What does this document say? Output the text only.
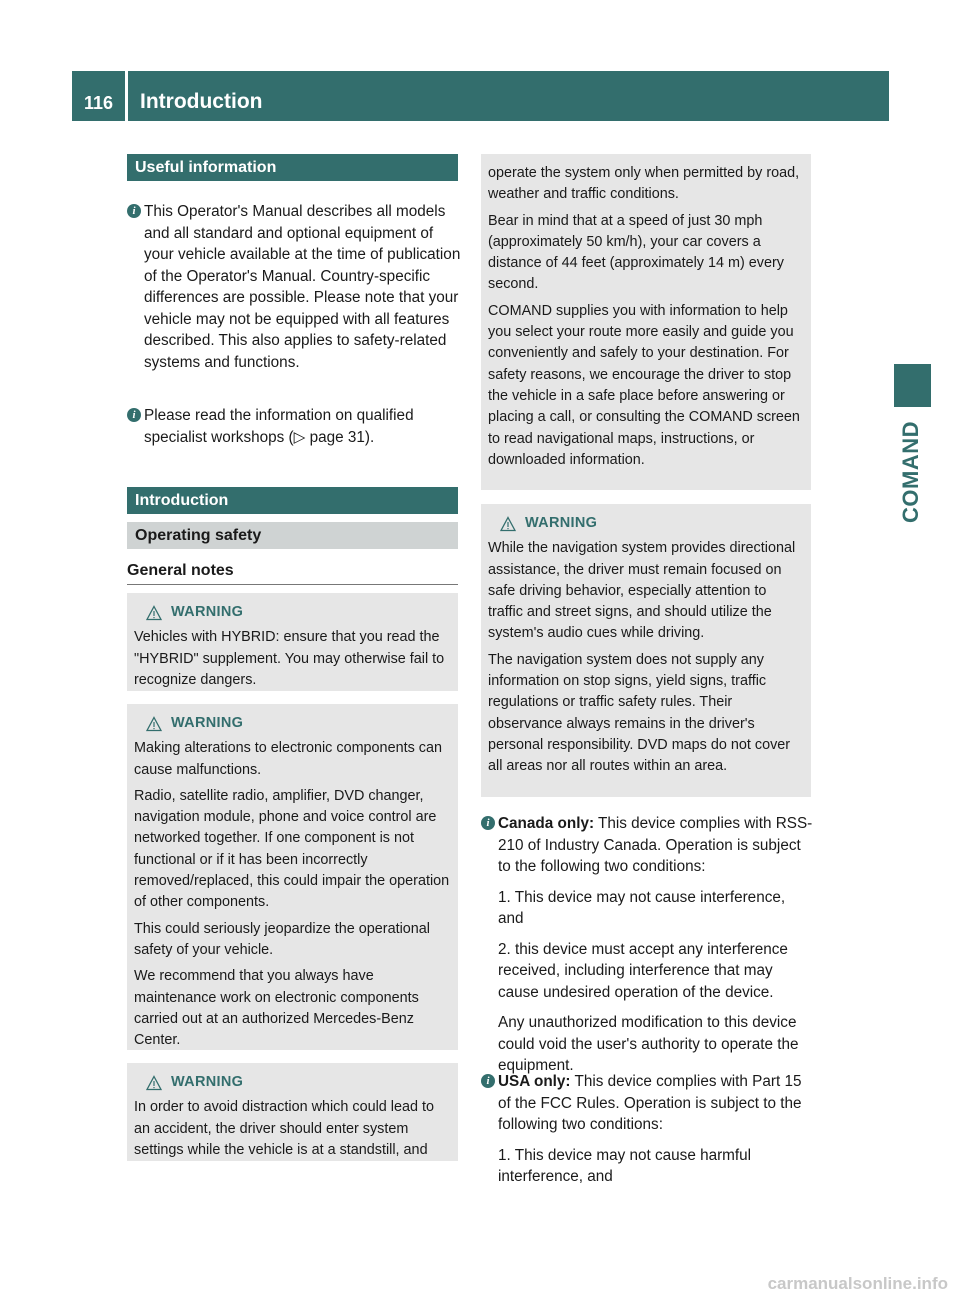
116 Introduction
COMAND
Useful information
i This Operator's Manual describes all models and all standard and optional equipment of your vehicle available at the time of publication of the Operator's Manual. Country-specific differences are possible. Please note that your vehicle may not be equipped with all features described. This also applies to safety-related systems and functions.

i Please read the information on qualified specialist workshops (▷ page 31).

Introduction
Operating safety
General notes
WARNING

Vehicles with HYBRID: ensure that you read the "HYBRID" supplement. You may otherwise fail to recognize dangers.

WARNING

Making alterations to electronic components can cause malfunctions.

Radio, satellite radio, amplifier, DVD changer, navigation module, phone and voice control are networked together. If one component is not functional or if it has been incorrectly removed/replaced, this could impair the operation of other components.

This could seriously jeopardize the operational safety of your vehicle.

We recommend that you always have maintenance work on electronic components carried out at an authorized Mercedes-Benz Center.

WARNING

In order to avoid distraction which could lead to an accident, the driver should enter system settings while the vehicle is at a standstill, and

operate the system only when permitted by road, weather and traffic conditions.

Bear in mind that at a speed of just 30 mph (approximately 50 km/h), your car covers a distance of 44 feet (approximately 14 m) every second.

COMAND supplies you with information to help you select your route more easily and guide you conveniently and safely to your destination. For safety reasons, we encourage the driver to stop the vehicle in a safe place before answering or placing a call, or consulting the COMAND screen to read navigational maps, instructions, or downloaded information.

WARNING

While the navigation system provides directional assistance, the driver must remain focused on safe driving behavior, especially attention to traffic and street signs, and should utilize the system's audio cues while driving.

The navigation system does not supply any information on stop signs, yield signs, traffic regulations or traffic safety rules. Their observance always remains in the driver's personal responsibility. DVD maps do not cover all areas nor all routes within an area.

i Canada only: This device complies with RSS-210 of Industry Canada. Operation is subject to the following two conditions:

1. This device may not cause interference, and

2. this device must accept any interference received, including interference that may cause undesired operation of the device.

Any unauthorized modification to this device could void the user's authority to operate the equipment.

i USA only: This device complies with Part 15 of the FCC Rules. Operation is subject to the following two conditions:

1. This device may not cause harmful interference, and

carmanualsonline.info
